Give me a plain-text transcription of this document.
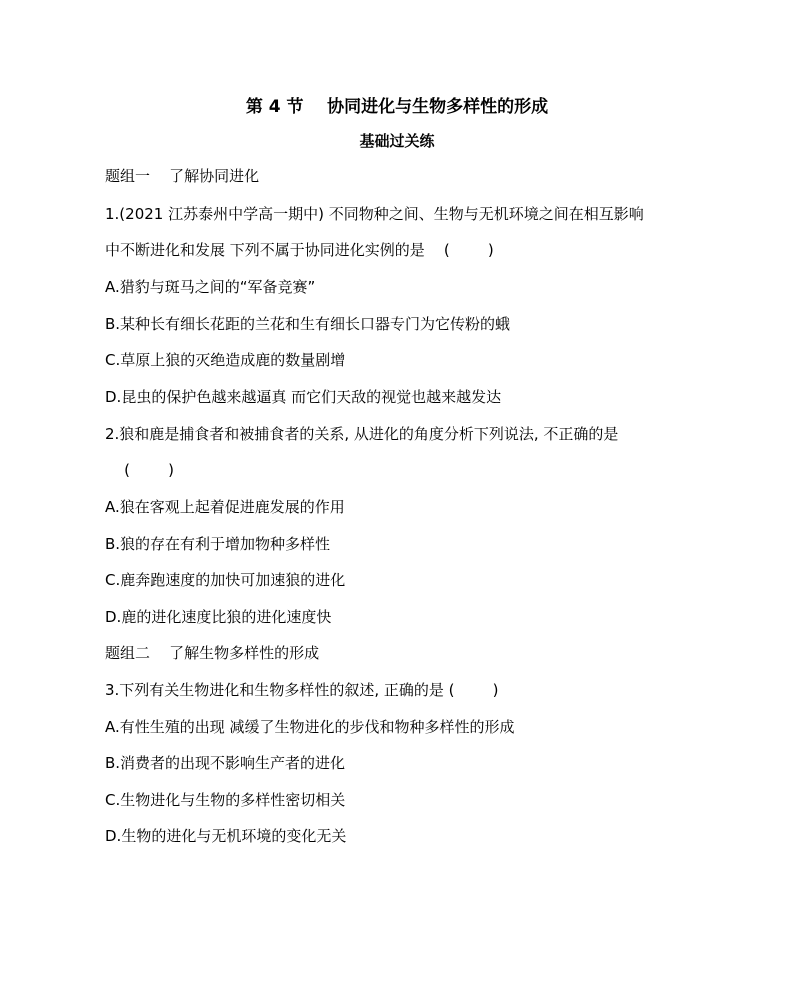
第 4 节    协同进化与生物多样性的形成
基础过关练
题组一    了解协同进化
1.(2021 江苏泰州中学高一期中) 不同物种之间、生物与无机环境之间在相互影响
中不断进化和发展 下列不属于协同进化实例的是    (        )
A.猎豹与斑马之间的“军备竞赛”
B.某种长有细长花距的兰花和生有细长口器专门为它传粉的蛾
C.草原上狼的灭绝造成鹿的数量剧增
D.昆虫的保护色越来越逼真 而它们天敌的视觉也越来越发达
2.狼和鹿是捕食者和被捕食者的关系, 从进化的角度分析下列说法, 不正确的是
(        )
A.狼在客观上起着促进鹿发展的作用
B.狼的存在有利于增加物种多样性
C.鹿奔跑速度的加快可加速狼的进化
D.鹿的进化速度比狼的进化速度快
题组二    了解生物多样性的形成
3.下列有关生物进化和生物多样性的叙述, 正确的是 (        )
A.有性生殖的出现 减缓了生物进化的步伐和物种多样性的形成
B.消费者的出现不影响生产者的进化
C.生物进化与生物的多样性密切相关
D.生物的进化与无机环境的变化无关
